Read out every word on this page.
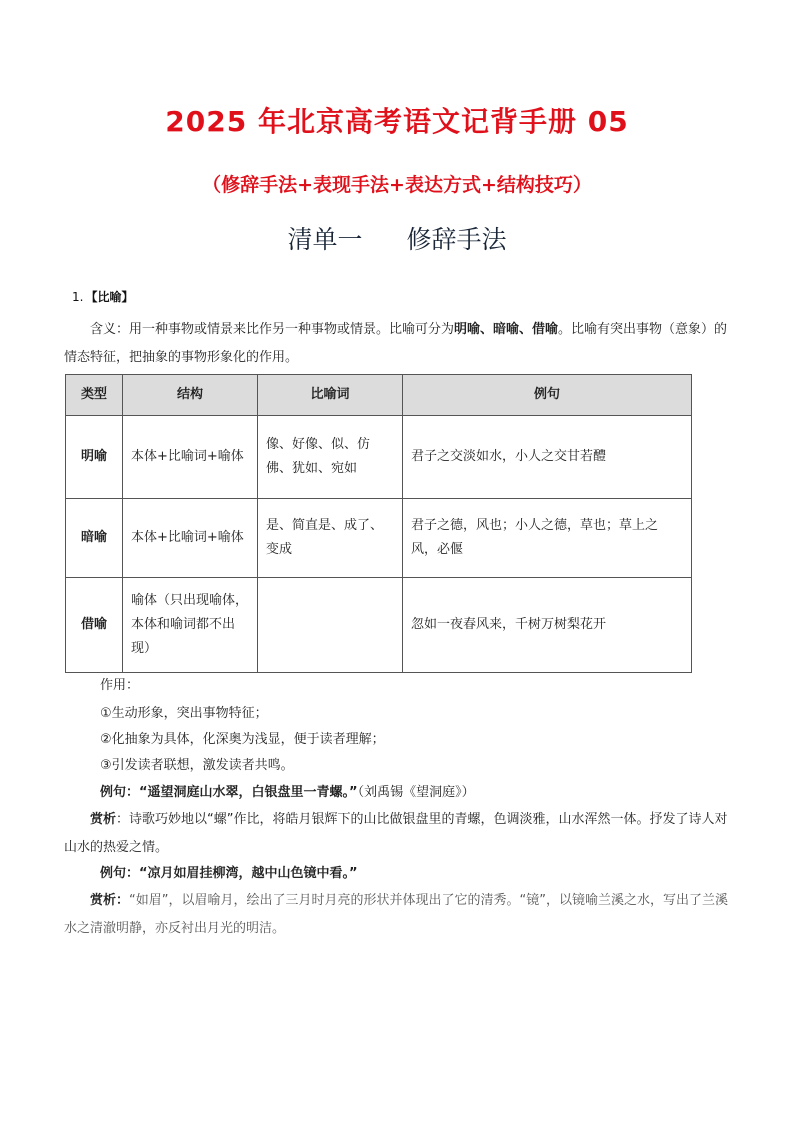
2025 年北京高考语文记背手册 05
（修辞手法+表现手法+表达方式+结构技巧）
清单一 修辞手法
1. 【比喻】
含义：用一种事物或情景来比作另一种事物或情景。比喻可分为明喻、暗喻、借喻。比喻有突出事物（意象）的情态特征，把抽象的事物形象化的作用。
类型	结构	比喻词	例句
明喻	本体+比喻词+喻体	像、好像、似、仿佛、犹如、宛如	君子之交淡如水，小人之交甘若醴
暗喻	本体+比喻词+喻体	是、简直是、成了、变成	君子之德，风也；小人之德，草也；草上之风，必偃
借喻	喻体（只出现喻体，本体和喻词都不出现）		忽如一夜春风来，千树万树梨花开
作用：
①生动形象，突出事物特征；
②化抽象为具体，化深奥为浅显，便于读者理解；
③引发读者联想，激发读者共鸣。
例句：“遥望洞庭山水翠，白银盘里一青螺。”（刘禹锡《望洞庭》）
赏析：诗歌巧妙地以“螺”作比，将皓月银辉下的山比做银盘里的青螺，色调淡雅，山水浑然一体。抒发了诗人对山水的热爱之情。
例句：“凉月如眉挂柳湾，越中山色镜中看。”
赏析：“如眉”，以眉喻月，绘出了三月时月亮的形状并体现出了它的清秀。“镜”，以镜喻兰溪之水，写出了兰溪水之清澈明静，亦反衬出月光的明洁。
